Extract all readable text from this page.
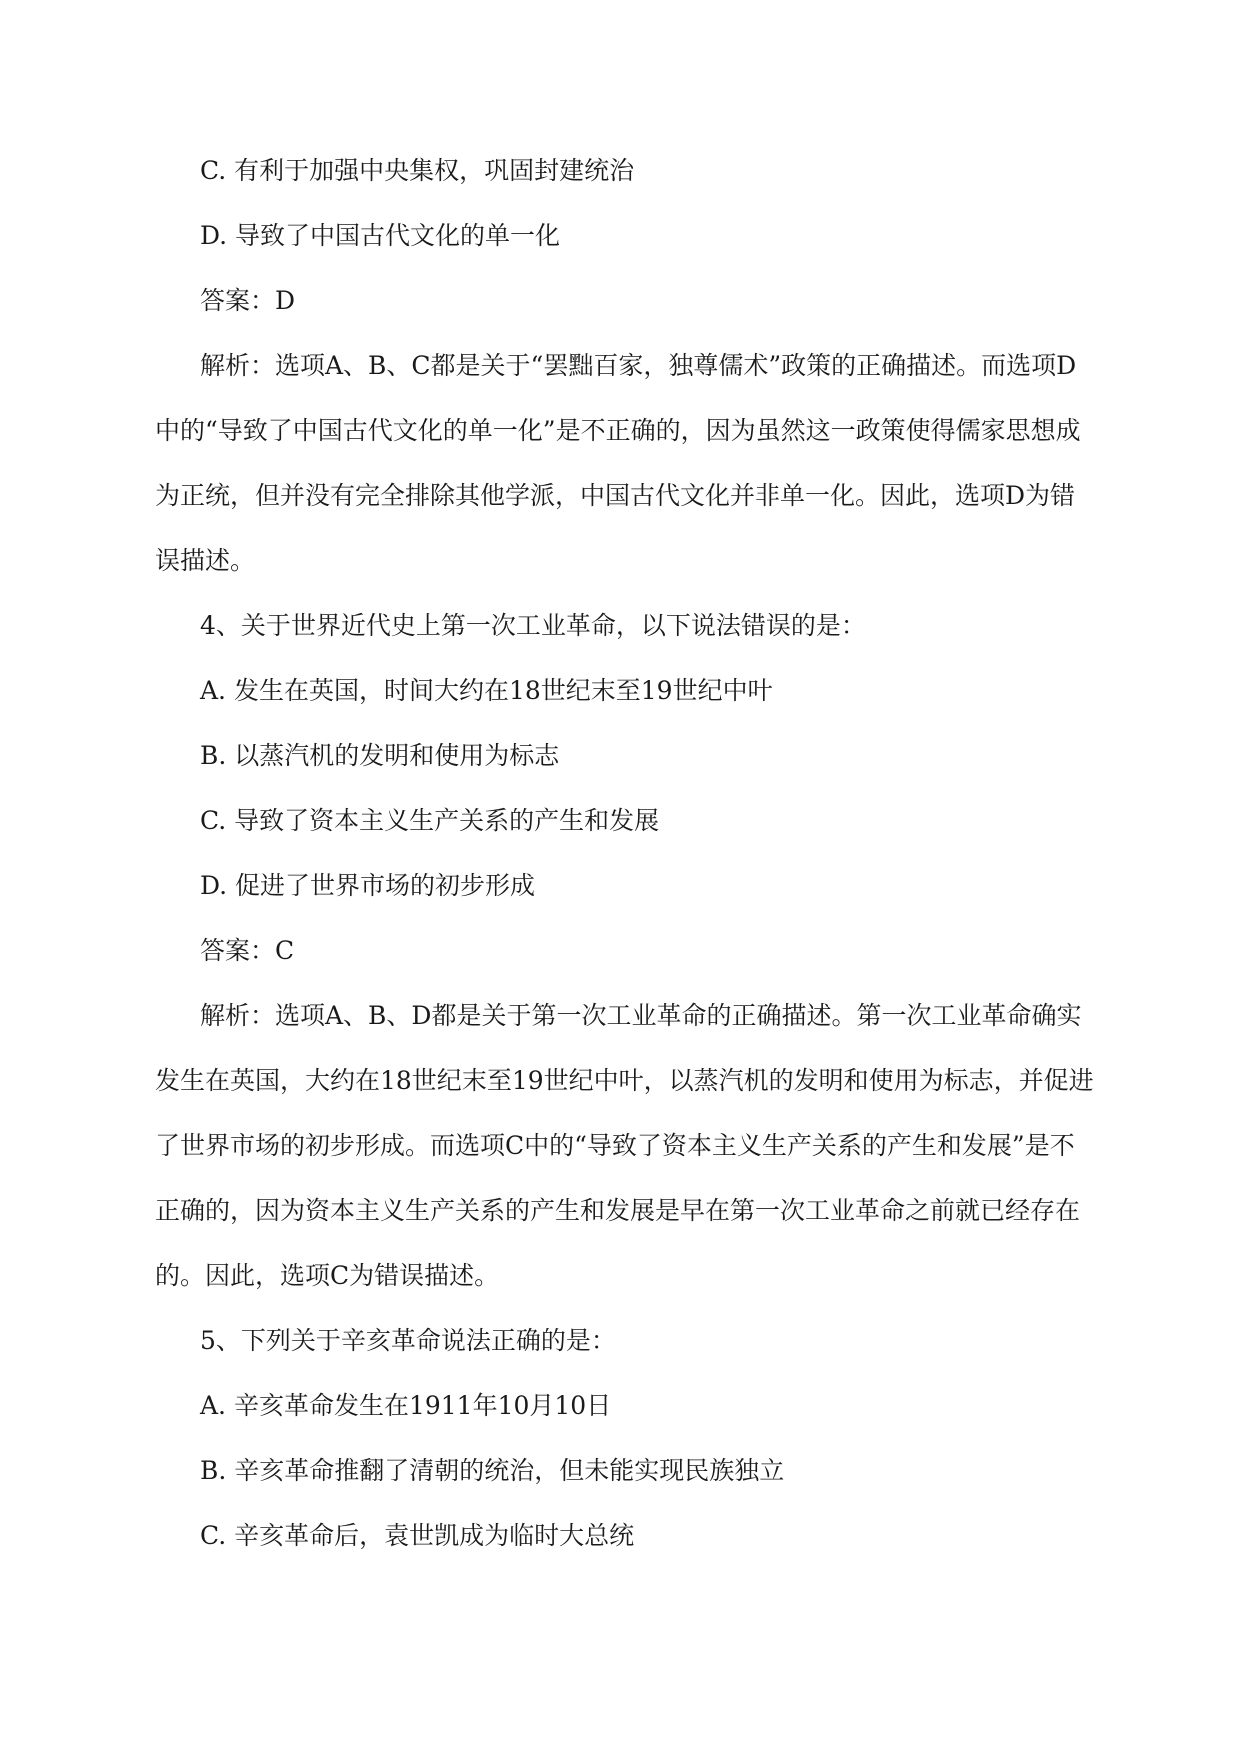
C. 有利于加强中央集权，巩固封建统治

D. 导致了中国古代文化的单一化

答案：D

解析：选项A、B、C都是关于“罢黜百家，独尊儒术”政策的正确描述。而选项D中的“导致了中国古代文化的单一化”是不正确的，因为虽然这一政策使得儒家思想成为正统，但并没有完全排除其他学派，中国古代文化并非单一化。因此，选项D为错误描述。

4、关于世界近代史上第一次工业革命，以下说法错误的是：

A. 发生在英国，时间大约在18世纪末至19世纪中叶

B. 以蒸汽机的发明和使用为标志

C. 导致了资本主义生产关系的产生和发展

D. 促进了世界市场的初步形成

答案：C

解析：选项A、B、D都是关于第一次工业革命的正确描述。第一次工业革命确实发生在英国，大约在18世纪末至19世纪中叶，以蒸汽机的发明和使用为标志，并促进了世界市场的初步形成。而选项C中的“导致了资本主义生产关系的产生和发展”是不正确的，因为资本主义生产关系的产生和发展是早在第一次工业革命之前就已经存在的。因此，选项C为错误描述。

5、下列关于辛亥革命说法正确的是：

A. 辛亥革命发生在1911年10月10日

B. 辛亥革命推翻了清朝的统治，但未能实现民族独立

C. 辛亥革命后，袁世凯成为临时大总统
